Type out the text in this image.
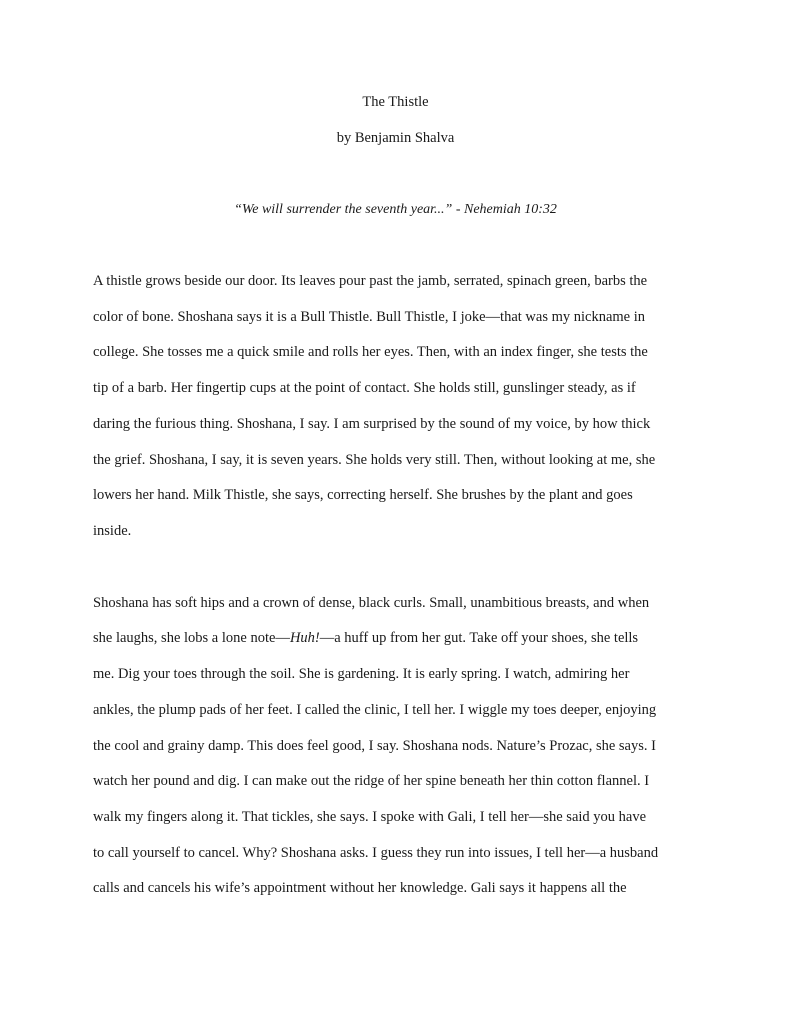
The Thistle
by Benjamin Shalva
“We will surrender the seventh year...” - Nehemiah 10:32
A thistle grows beside our door. Its leaves pour past the jamb, serrated, spinach green, barbs the
color of bone. Shoshana says it is a Bull Thistle. Bull Thistle, I joke—that was my nickname in
college. She tosses me a quick smile and rolls her eyes. Then, with an index finger, she tests the
tip of a barb. Her fingertip cups at the point of contact. She holds still, gunslinger steady, as if
daring the furious thing. Shoshana, I say. I am surprised by the sound of my voice, by how thick
the grief. Shoshana, I say, it is seven years. She holds very still. Then, without looking at me, she
lowers her hand. Milk Thistle, she says, correcting herself. She brushes by the plant and goes
inside.
Shoshana has soft hips and a crown of dense, black curls. Small, unambitious breasts, and when
she laughs, she lobs a lone note—Huh!—a huff up from her gut. Take off your shoes, she tells
me. Dig your toes through the soil. She is gardening. It is early spring. I watch, admiring her
ankles, the plump pads of her feet. I called the clinic, I tell her. I wiggle my toes deeper, enjoying
the cool and grainy damp. This does feel good, I say. Shoshana nods. Nature’s Prozac, she says. I
watch her pound and dig. I can make out the ridge of her spine beneath her thin cotton flannel. I
walk my fingers along it. That tickles, she says. I spoke with Gali, I tell her—she said you have
to call yourself to cancel. Why? Shoshana asks. I guess they run into issues, I tell her—a husband
calls and cancels his wife’s appointment without her knowledge. Gali says it happens all the
